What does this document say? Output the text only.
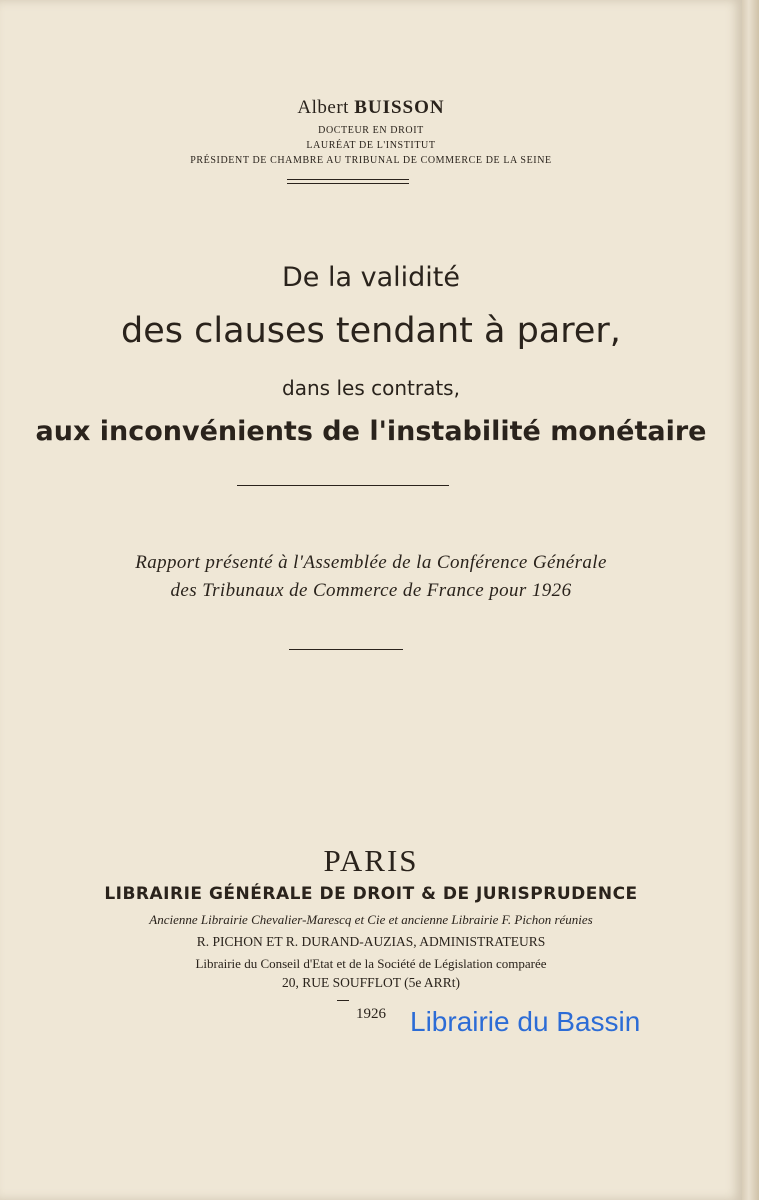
Albert BUISSON
DOCTEUR EN DROIT
LAURÉAT DE L'INSTITUT
PRÉSIDENT DE CHAMBRE AU TRIBUNAL DE COMMERCE DE LA SEINE
De la validité
des clauses tendant à parer,
dans les contrats,
aux inconvénients de l'instabilité monétaire
Rapport présenté à l'Assemblée de la Conférence Générale
des Tribunaux de Commerce de France pour 1926
PARIS
LIBRAIRIE GÉNÉRALE DE DROIT & DE JURISPRUDENCE
Ancienne Librairie Chevalier-Marescq et Cie et ancienne Librairie F. Pichon réunies
R. PICHON ET R. DURAND-AUZIAS, ADMINISTRATEURS
Librairie du Conseil d'Etat et de la Société de Législation comparée
20, RUE SOUFFLOT (5e ARRt)
1926 Librairie du Bassin
